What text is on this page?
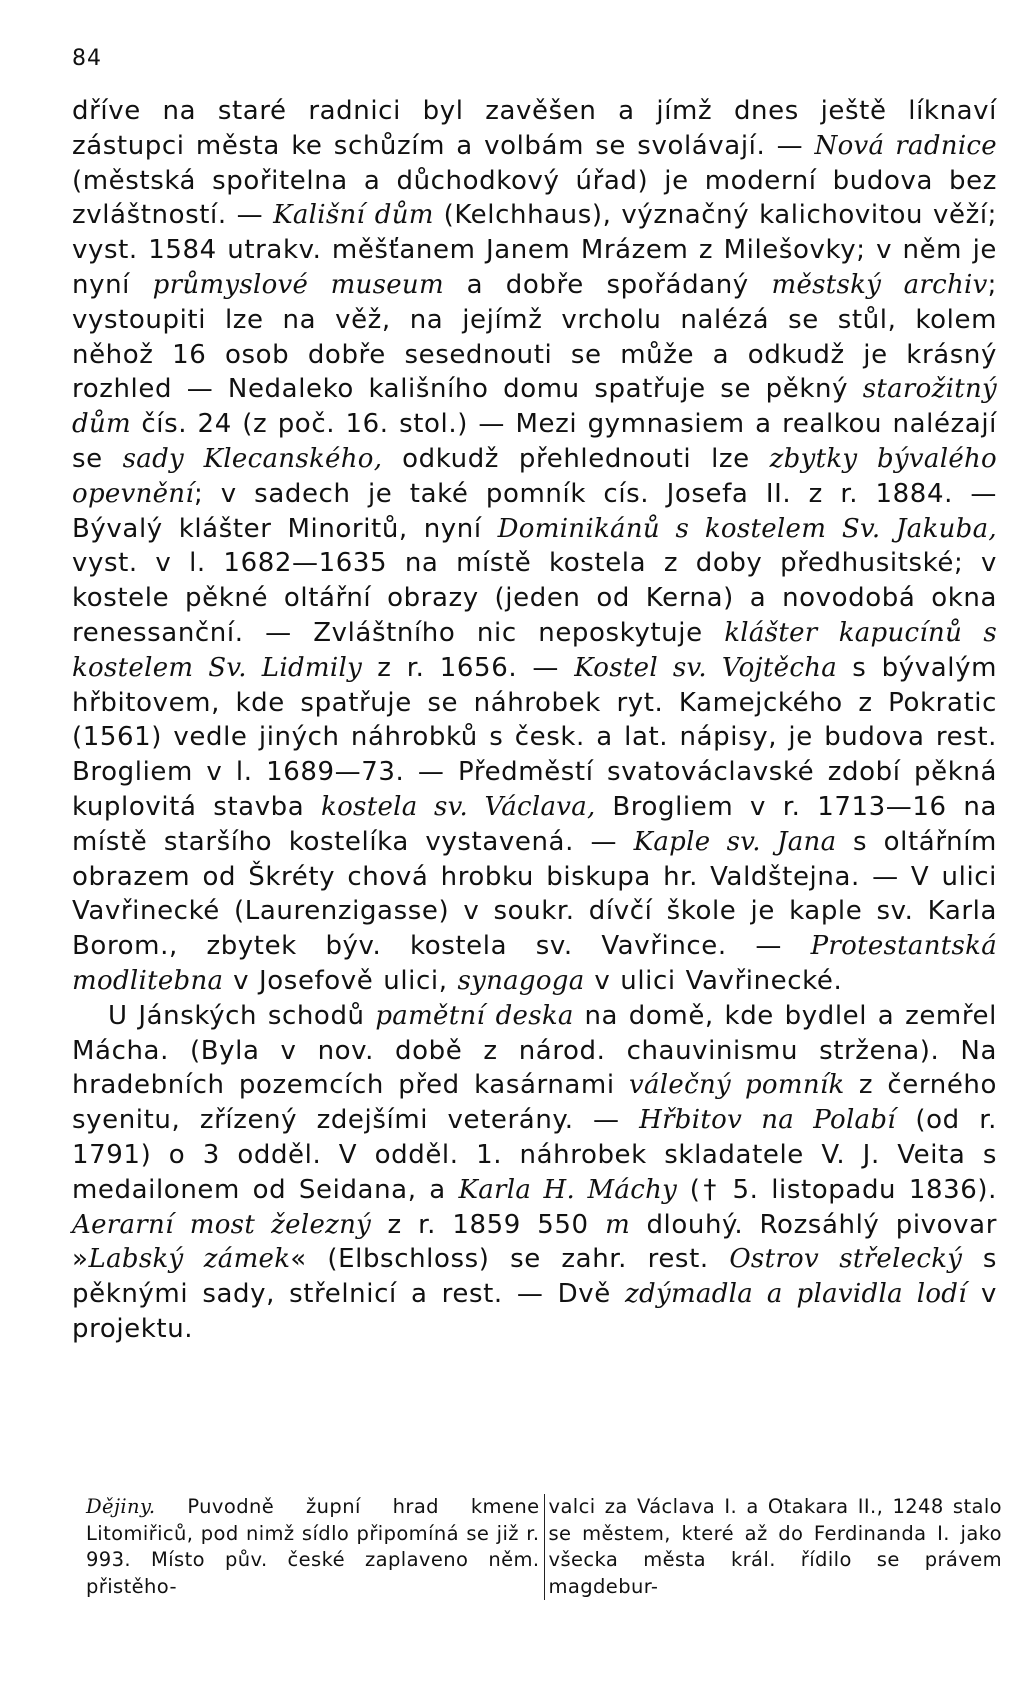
84

dříve na staré radnici byl zavěšen a jímž dnes ještě líknaví zástupci města ke schůzím a volbám se svolávají. — Nová radnice (městská spořitelna a důchodkový úřad) je moderní budova bez zvláštností. — Kališní dům (Kelchhaus), význačný kalichovitou věží; vyst. 1584 utrakv. měšťanem Janem Mrázem z Milešovky; v něm je nyní průmyslové museum a dobře spořádaný městský archiv; vystoupiti lze na věž, na jejímž vrcholu nalézá se stůl, kolem něhož 16 osob dobře sesednouti se může a odkudž je krásný rozhled — Nedaleko kališního domu spatřuje se pěkný starožitný dům čís. 24 (z poč. 16. stol.) — Mezi gymnasiem a realkou nalézají se sady Klecanského, odkudž přehlednouti lze zbytky bývalého opevnění; v sadech je také pomník cís. Josefa II. z r. 1884. — Bývalý klášter Minoritů, nyní Dominikánů s kostelem Sv. Jakuba, vyst. v l. 1682—1635 na místě kostela z doby předhusitské; v kostele pěkné oltářní obrazy (jeden od Kerna) a novodobá okna renessanční. — Zvláštního nic neposkytuje klášter kapucínů s kostelem Sv. Lidmily z r. 1656. — Kostel sv. Vojtěcha s bývalým hřbitovem, kde spatřuje se náhrobek ryt. Kamejckého z Pokratic (1561) vedle jiných náhrobků s česk. a lat. nápisy, je budova rest. Brogliem v l. 1689—73. — Předměstí svatováclavské zdobí pěkná kuplovitá stavba kostela sv. Václava, Brogliem v r. 1713—16 na místě staršího kostelíka vystavená. — Kaple sv. Jana s oltářním obrazem od Škréty chová hrobku biskupa hr. Valdštejna. — V ulici Vavřinecké (Laurenzigasse) v soukr. dívčí škole je kaple sv. Karla Borom., zbytek býv. kostela sv. Vavřince. — Protestantská modlitebna v Josefově ulici, synagoga v ulici Vavřinecké.

U Jánských schodů pamětní deska na domě, kde bydlel a zemřel Mácha. (Byla v nov. době z národ. chauvinismu stržena). Na hradebních pozemcích před kasárnami válečný pomník z černého syenitu, zřízený zdejšími veterány. — Hřbitov na Polabí (od r. 1791) o 3 odděl. V odděl. 1. náhrobek skladatele V. J. Veita s medailonem od Seidana, a Karla H. Máchy († 5. listopadu 1836). Aerarní most železný z r. 1859 550 m dlouhý. Rozsáhlý pivovar »Labský zámek« (Elbschloss) se zahr. rest. Ostrov střelecký s pěknými sady, střelnicí a rest. — Dvě zdýmadla a plavidla lodí v projektu.

Dějiny. Puvodně župní hrad kmene Litomiřiců, pod nimž sídlo připomíná se již r. 993. Místo pův. české zaplaveno něm. přistěho-
valci za Václava I. a Otakara II., 1248 stalo se městem, které až do Ferdinanda I. jako všecka města král. řídilo se právem magdebur-
